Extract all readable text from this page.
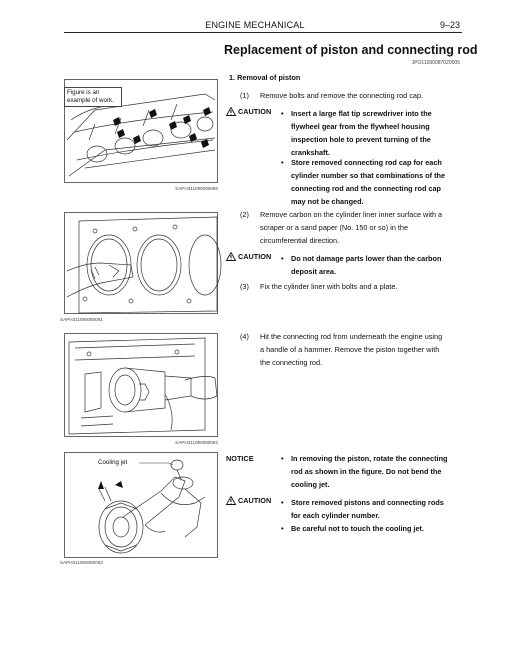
ENGINE MECHANICAL	9–23
Replacement of piston and connecting rod
JPO11090087020005
Figure is an
example of work.
SAPH311090090060
1. Removal of piston
(1) Remove bolts and remove the connecting rod cap.
CAUTION •	Insert a large flat tip screwdriver into the
flywheel gear from the flywheel housing
inspection hole to prevent turning of the
crankshaft.
•	Store removed connecting rod cap for each
cylinder number so that combinations of the
connecting rod and the connecting rod cap
may not be changed.
SAPH311090090061
(2) Remove carbon on the cylinder liner inner surface with a
scraper or a sand paper (No. 150 or so) in the
circumferential direction.
CAUTION •	Do not damage parts lower than the carbon
deposit area.
(3) Fix the cylinder liner with bolts and a plate.
SAPH311090090062
(4) Hit the connecting rod from underneath the engine using
a handle of a hammer. Remove the piston together with
the connecting rod.
Cooling jet
SAPH311090090063
NOTICE	•	In removing the piston, rotate the connecting
rod as shown in the figure. Do not bend the
cooling jet.
CAUTION •	Store removed pistons and connecting rods
for each cylinder number.
•	Be careful not to touch the cooling jet.
